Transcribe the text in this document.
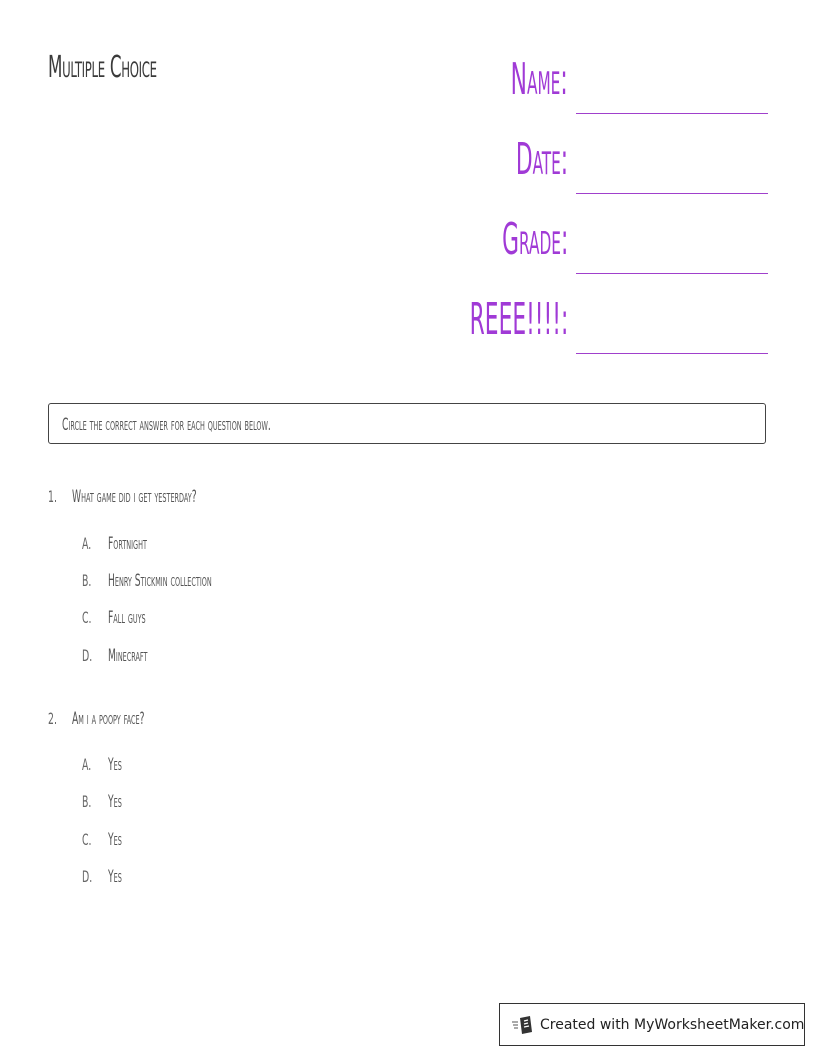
Multiple Choice	Name:
Date:
Grade:
REEE!!!!:
Circle the correct answer for each question below.
1. What game did i get yesterday?
A. Fortnight
B. Henry Stickmin collection
C. Fall guys
D. Minecraft
2. Am i a poopy face?
A. Yes
B. Yes
C. Yes
D. Yes
Created with MyWorksheetMaker.com
